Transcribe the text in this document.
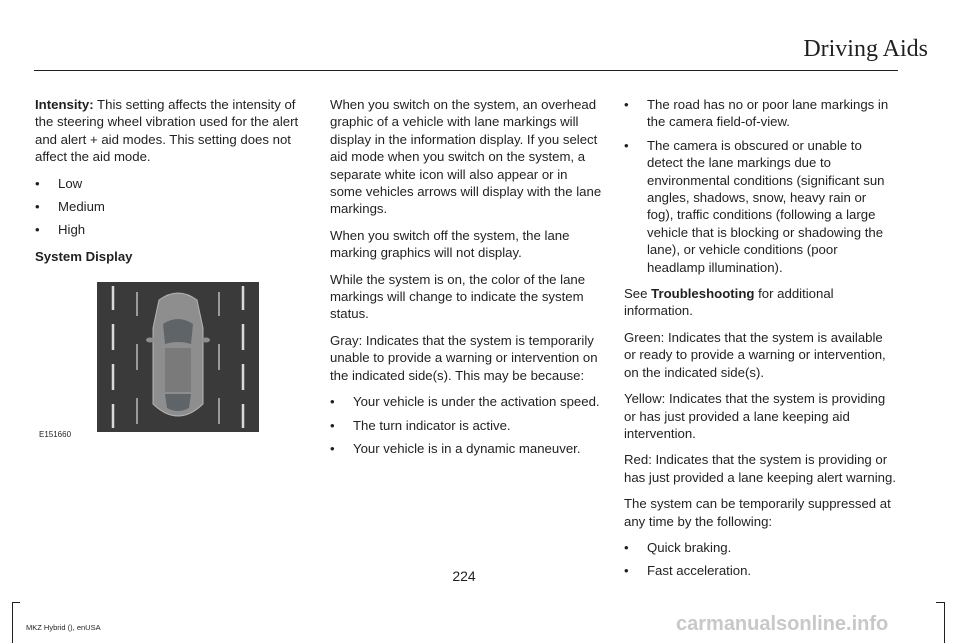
Driving Aids

Intensity: This setting affects the intensity of the steering wheel vibration used for the alert and alert + aid modes. This setting does not affect the aid mode.

• Low
• Medium
• High

System Display

E151660

When you switch on the system, an overhead graphic of a vehicle with lane markings will display in the information display. If you select aid mode when you switch on the system, a separate white icon will also appear or in some vehicles arrows will display with the lane markings.

When you switch off the system, the lane marking graphics will not display.

While the system is on, the color of the lane markings will change to indicate the system status.

Gray: Indicates that the system is temporarily unable to provide a warning or intervention on the indicated side(s). This may be because:

• Your vehicle is under the activation speed.
• The turn indicator is active.
• Your vehicle is in a dynamic maneuver.
• The road has no or poor lane markings in the camera field-of-view.
• The camera is obscured or unable to detect the lane markings due to environmental conditions (significant sun angles, shadows, snow, heavy rain or fog), traffic conditions (following a large vehicle that is blocking or shadowing the lane), or vehicle conditions (poor headlamp illumination).

See Troubleshooting for additional information.

Green: Indicates that the system is available or ready to provide a warning or intervention, on the indicated side(s).

Yellow: Indicates that the system is providing or has just provided a lane keeping aid intervention.

Red: Indicates that the system is providing or has just provided a lane keeping alert warning.

The system can be temporarily suppressed at any time by the following:

• Quick braking.
• Fast acceleration.
224
MKZ Hybrid (), enUSA	carmanualsonline.info
